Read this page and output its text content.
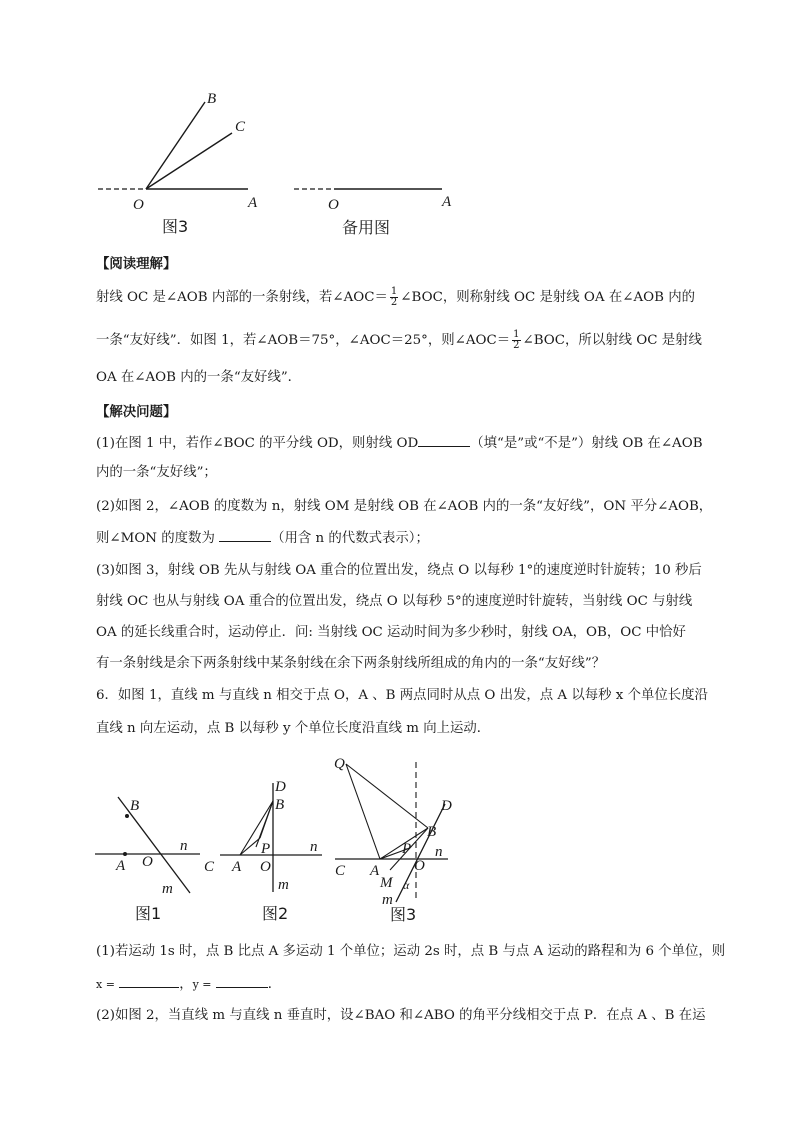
B
C
O	A
图3
O	A
备用图
【阅读理解】
射线 OC 是∠AOB 内部的一条射线，若∠AOC＝ $\frac{1}{2}$ ∠BOC，则称射线 OC 是射线 OA 在∠AOB 内的
一条“友好线”．如图 1，若∠AOB＝75°，∠AOC＝25°，则∠AOC＝ $\frac{1}{2}$ ∠BOC，所以射线 OC 是射线
OA 在∠AOB 内的一条“友好线”．
【解决问题】
(1)在图 1 中，若作∠BOC 的平分线 OD，则射线 OD	（填“是”或“不是”）射线 OB 在∠AOB
内的一条“友好线”；
(2)如图 2，∠AOB 的度数为 n，射线 OM 是射线 OB 在∠AOB 内的一条“友好线”，ON 平分∠AOB，
则∠MON 的度数为	（用含 n 的代数式表示）；
(3)如图 3，射线 OB 先从与射线 OA 重合的位置出发，绕点 O 以每秒 1°的速度逆时针旋转；10 秒后
射线 OC 也从与射线 OA 重合的位置出发，绕点 O 以每秒 5°的速度逆时针旋转，当射线 OC 与射线
OA 的延长线重合时，运动停止．问: 当射线 OC 运动时间为多少秒时，射线 OA，OB，OC 中恰好
有一条射线是余下两条射线中某条射线在余下两条射线所组成的角内的一条“友好线”？
6．如图 1，直线 m 与直线 n 相交于点 O，A 、B 两点同时从点 O 出发，点 A 以每秒 x 个单位长度沿
直线 n 向左运动，点 B 以每秒 y 个单位长度沿直线 m 向上运动．
B
A O
n
m
图1
D
B
P
C A O
n
m
图2
Q
D
B
P
C A O
n
M α
m
图3
(1)若运动 1s 时，点 B 比点 A 多运动 1 个单位；运动 2s 时，点 B 与点 A 运动的路程和为 6 个单位，则
x =	，y =	．
(2)如图 2，当直线 m 与直线 n 垂直时，设∠BAO 和∠ABO 的角平分线相交于点 P．在点 A 、B 在运
